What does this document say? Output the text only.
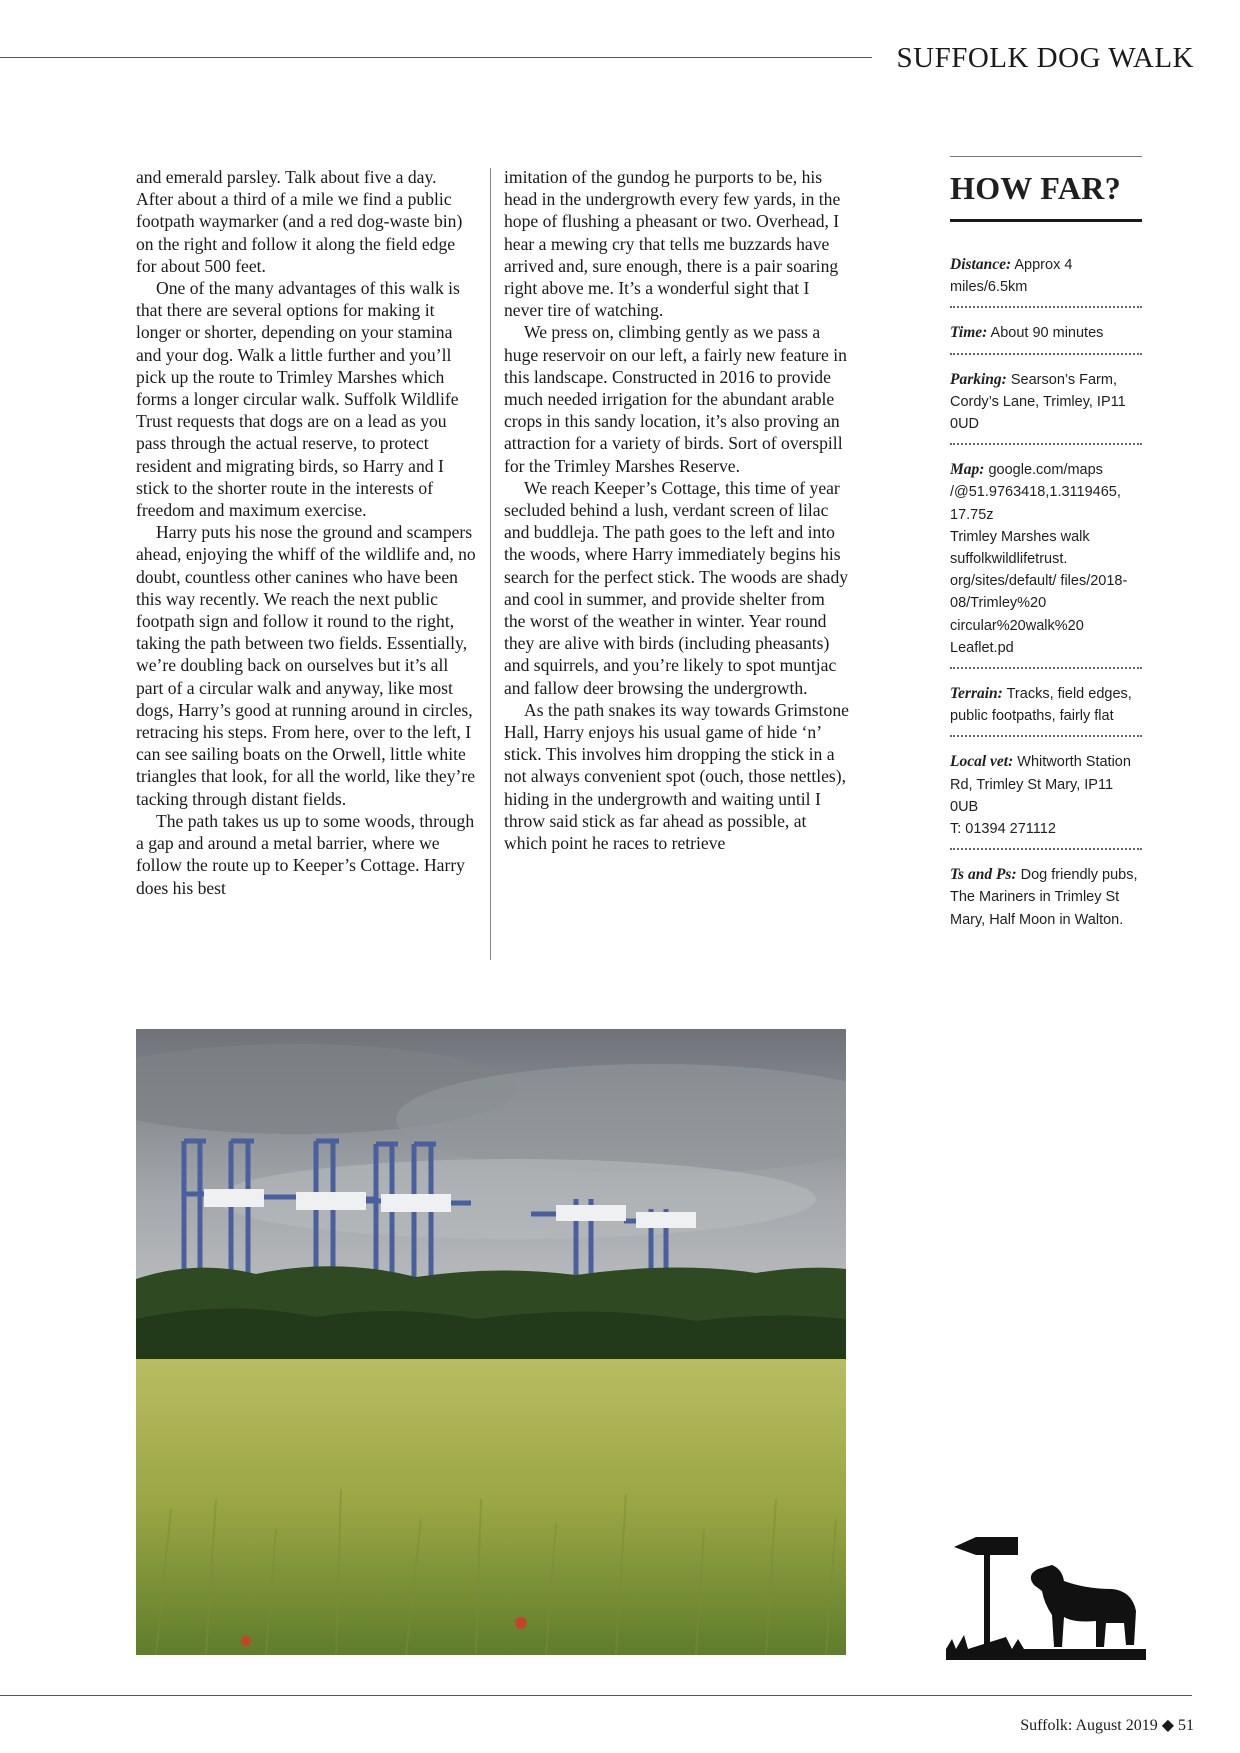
SUFFOLK DOG WALK

and emerald parsley. Talk about five a day. After about a third of a mile we find a public footpath waymarker (and a red dog-waste bin) on the right and follow it along the field edge for about 500 feet.

One of the many advantages of this walk is that there are several options for making it longer or shorter, depending on your stamina and your dog. Walk a little further and you’ll pick up the route to Trimley Marshes which forms a longer circular walk. Suffolk Wildlife Trust requests that dogs are on a lead as you pass through the actual reserve, to protect resident and migrating birds, so Harry and I stick to the shorter route in the interests of freedom and maximum exercise.

Harry puts his nose the ground and scampers ahead, enjoying the whiff of the wildlife and, no doubt, countless other canines who have been this way recently. We reach the next public footpath sign and follow it round to the right, taking the path between two fields. Essentially, we’re doubling back on ourselves but it’s all part of a circular walk and anyway, like most dogs, Harry’s good at running around in circles, retracing his steps. From here, over to the left, I can see sailing boats on the Orwell, little white triangles that look, for all the world, like they’re tacking through distant fields.

The path takes us up to some woods, through a gap and around a metal barrier, where we follow the route up to Keeper’s Cottage. Harry does his best

imitation of the gundog he purports to be, his head in the undergrowth every few yards, in the hope of flushing a pheasant or two. Overhead, I hear a mewing cry that tells me buzzards have arrived and, sure enough, there is a pair soaring right above me. It’s a wonderful sight that I never tire of watching.

We press on, climbing gently as we pass a huge reservoir on our left, a fairly new feature in this landscape. Constructed in 2016 to provide much needed irrigation for the abundant arable crops in this sandy location, it’s also proving an attraction for a variety of birds. Sort of overspill for the Trimley Marshes Reserve.

We reach Keeper’s Cottage, this time of year secluded behind a lush, verdant screen of lilac and buddleja. The path goes to the left and into the woods, where Harry immediately begins his search for the perfect stick. The woods are shady and cool in summer, and provide shelter from the worst of the weather in winter. Year round they are alive with birds (including pheasants) and squirrels, and you’re likely to spot muntjac and fallow deer browsing the undergrowth.

As the path snakes its way towards Grimstone Hall, Harry enjoys his usual game of hide ‘n’ stick. This involves him dropping the stick in a not always convenient spot (ouch, those nettles), hiding in the undergrowth and waiting until I throw said stick as far ahead as possible, at which point he races to retrieve

HOW FAR?
Distance: Approx 4 miles/6.5km
Time: About 90 minutes
Parking: Searson’s Farm, Cordy’s Lane, Trimley, IP11 0UD
Map: google.com/maps /@51.9763418,1.3119465, 17.75z
Trimley Marshes walk suffolkwildlifetrust. org/sites/default/ files/2018-08/Trimley%20 circular%20walk%20 Leaflet.pd
Terrain: Tracks, field edges, public footpaths, fairly flat
Local vet: Whitworth Station Rd, Trimley St Mary, IP11 0UB
T: 01394 271112
Ts and Ps: Dog friendly pubs, The Mariners in Trimley St Mary, Half Moon in Walton.
Suffolk: August 2019 ◆ 51
